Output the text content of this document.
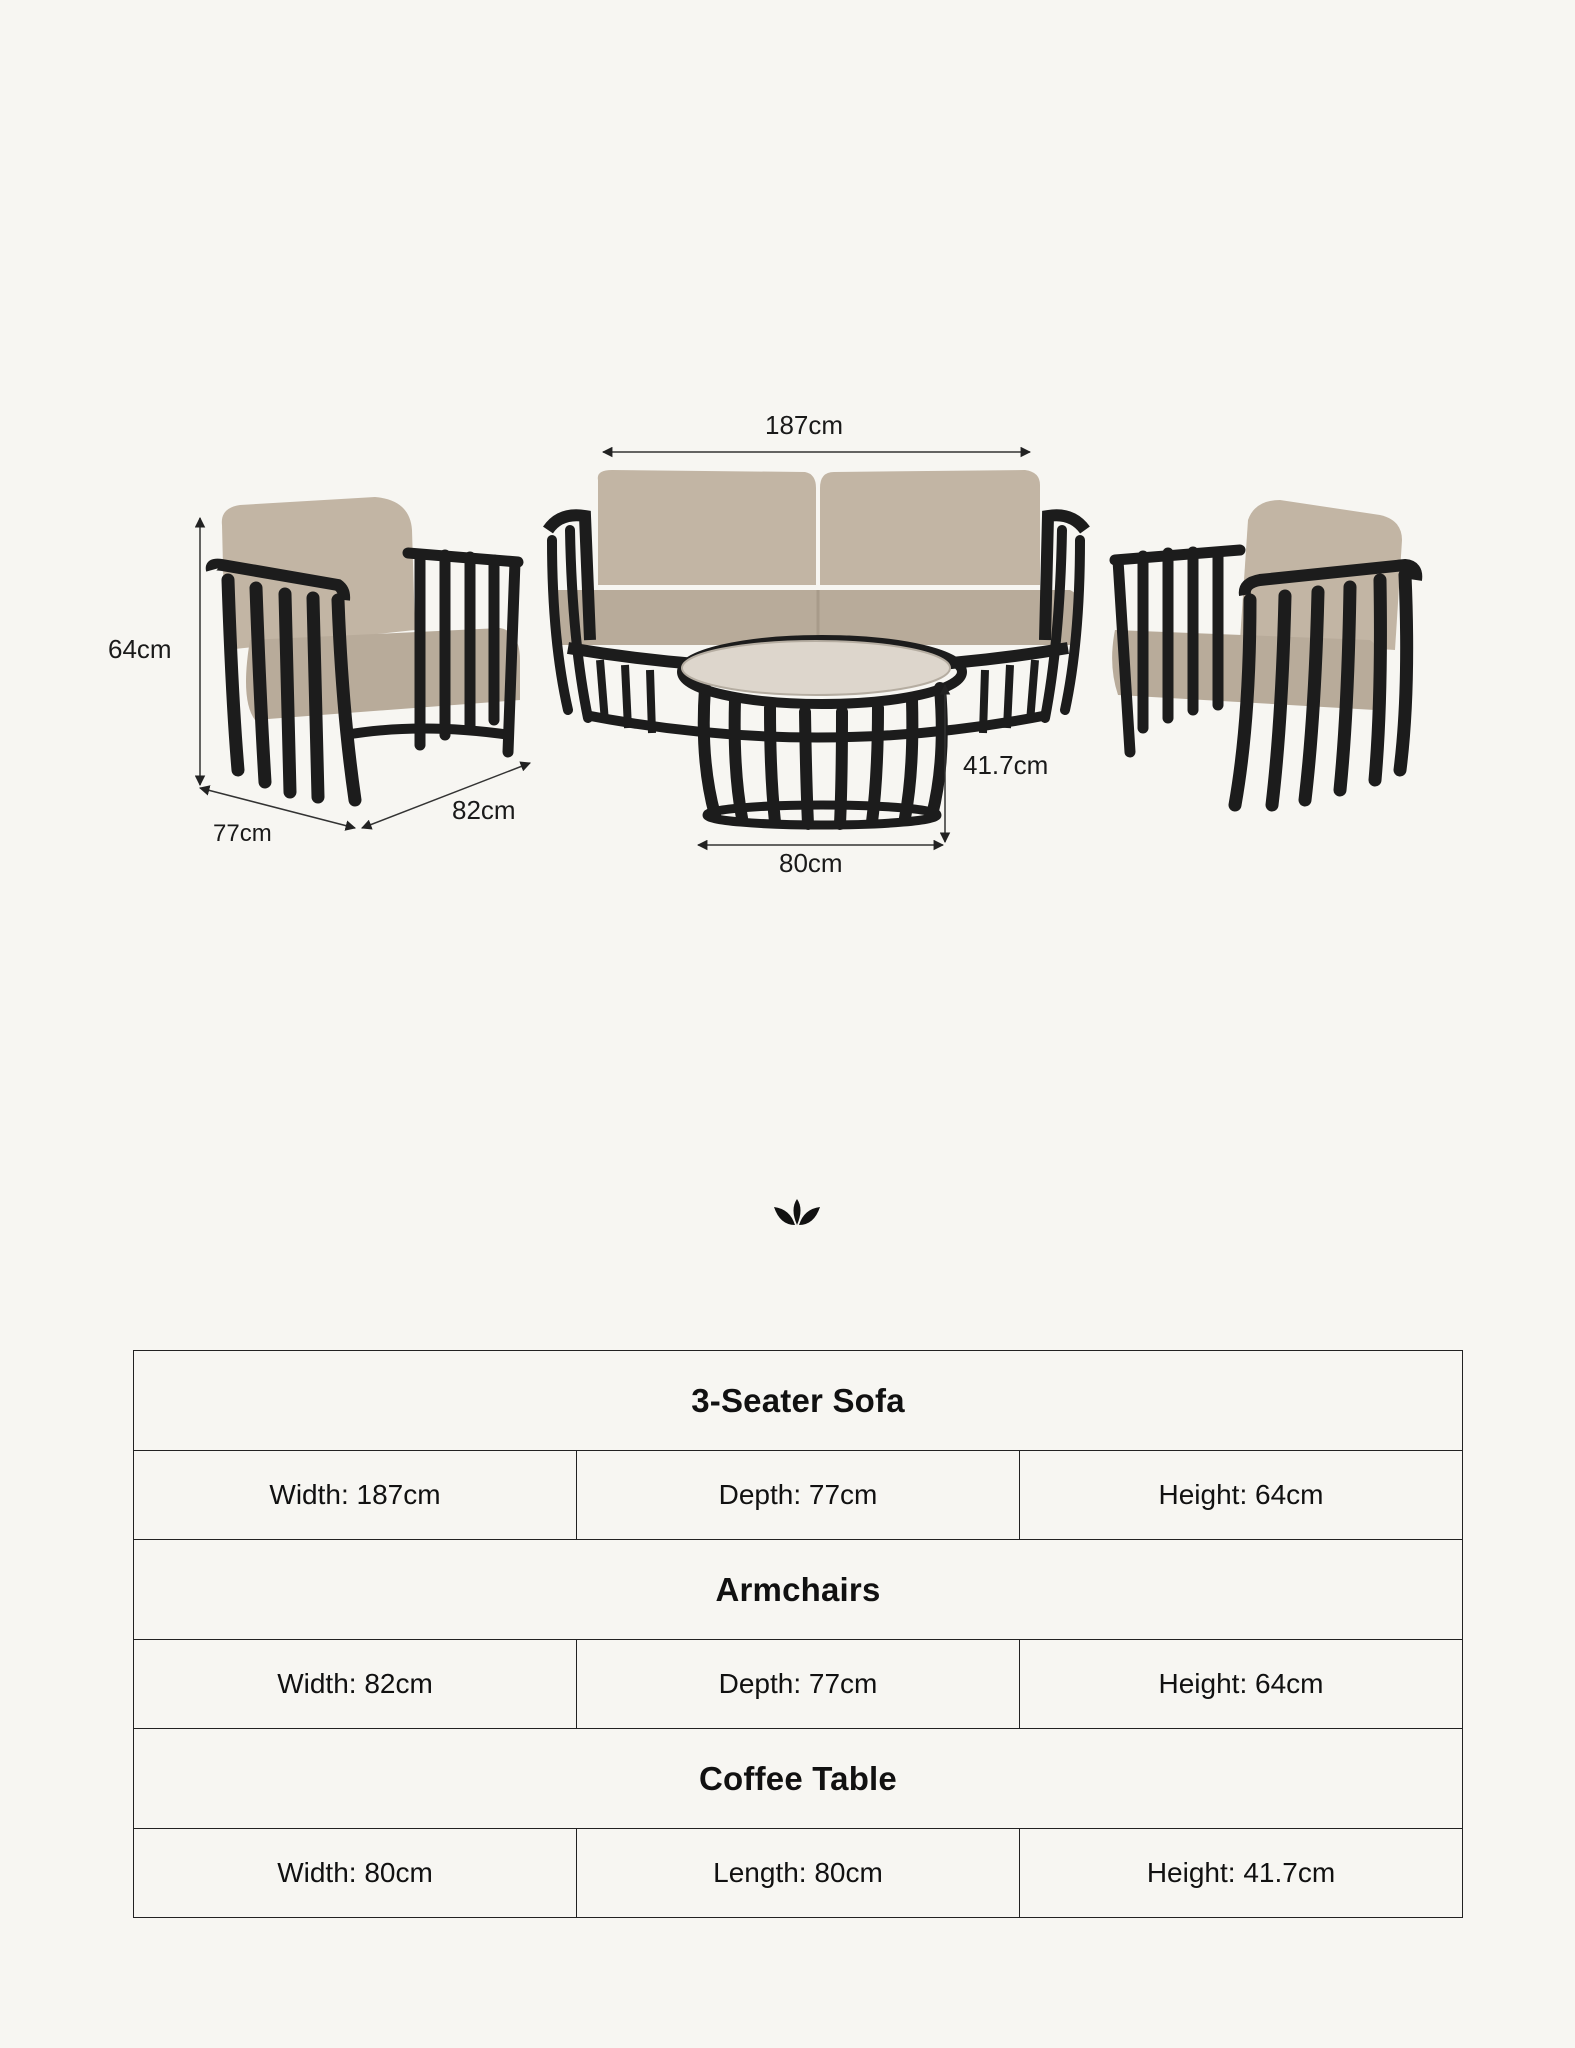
187cm
64cm
77cm
82cm
41.7cm
80cm
3-Seater Sofa		
Width: 187cm	Depth: 77cm	Height: 64cm
Armchairs		
Width: 82cm	Depth: 77cm	Height: 64cm
Coffee Table		
Width: 80cm	Length: 80cm	Height: 41.7cm
